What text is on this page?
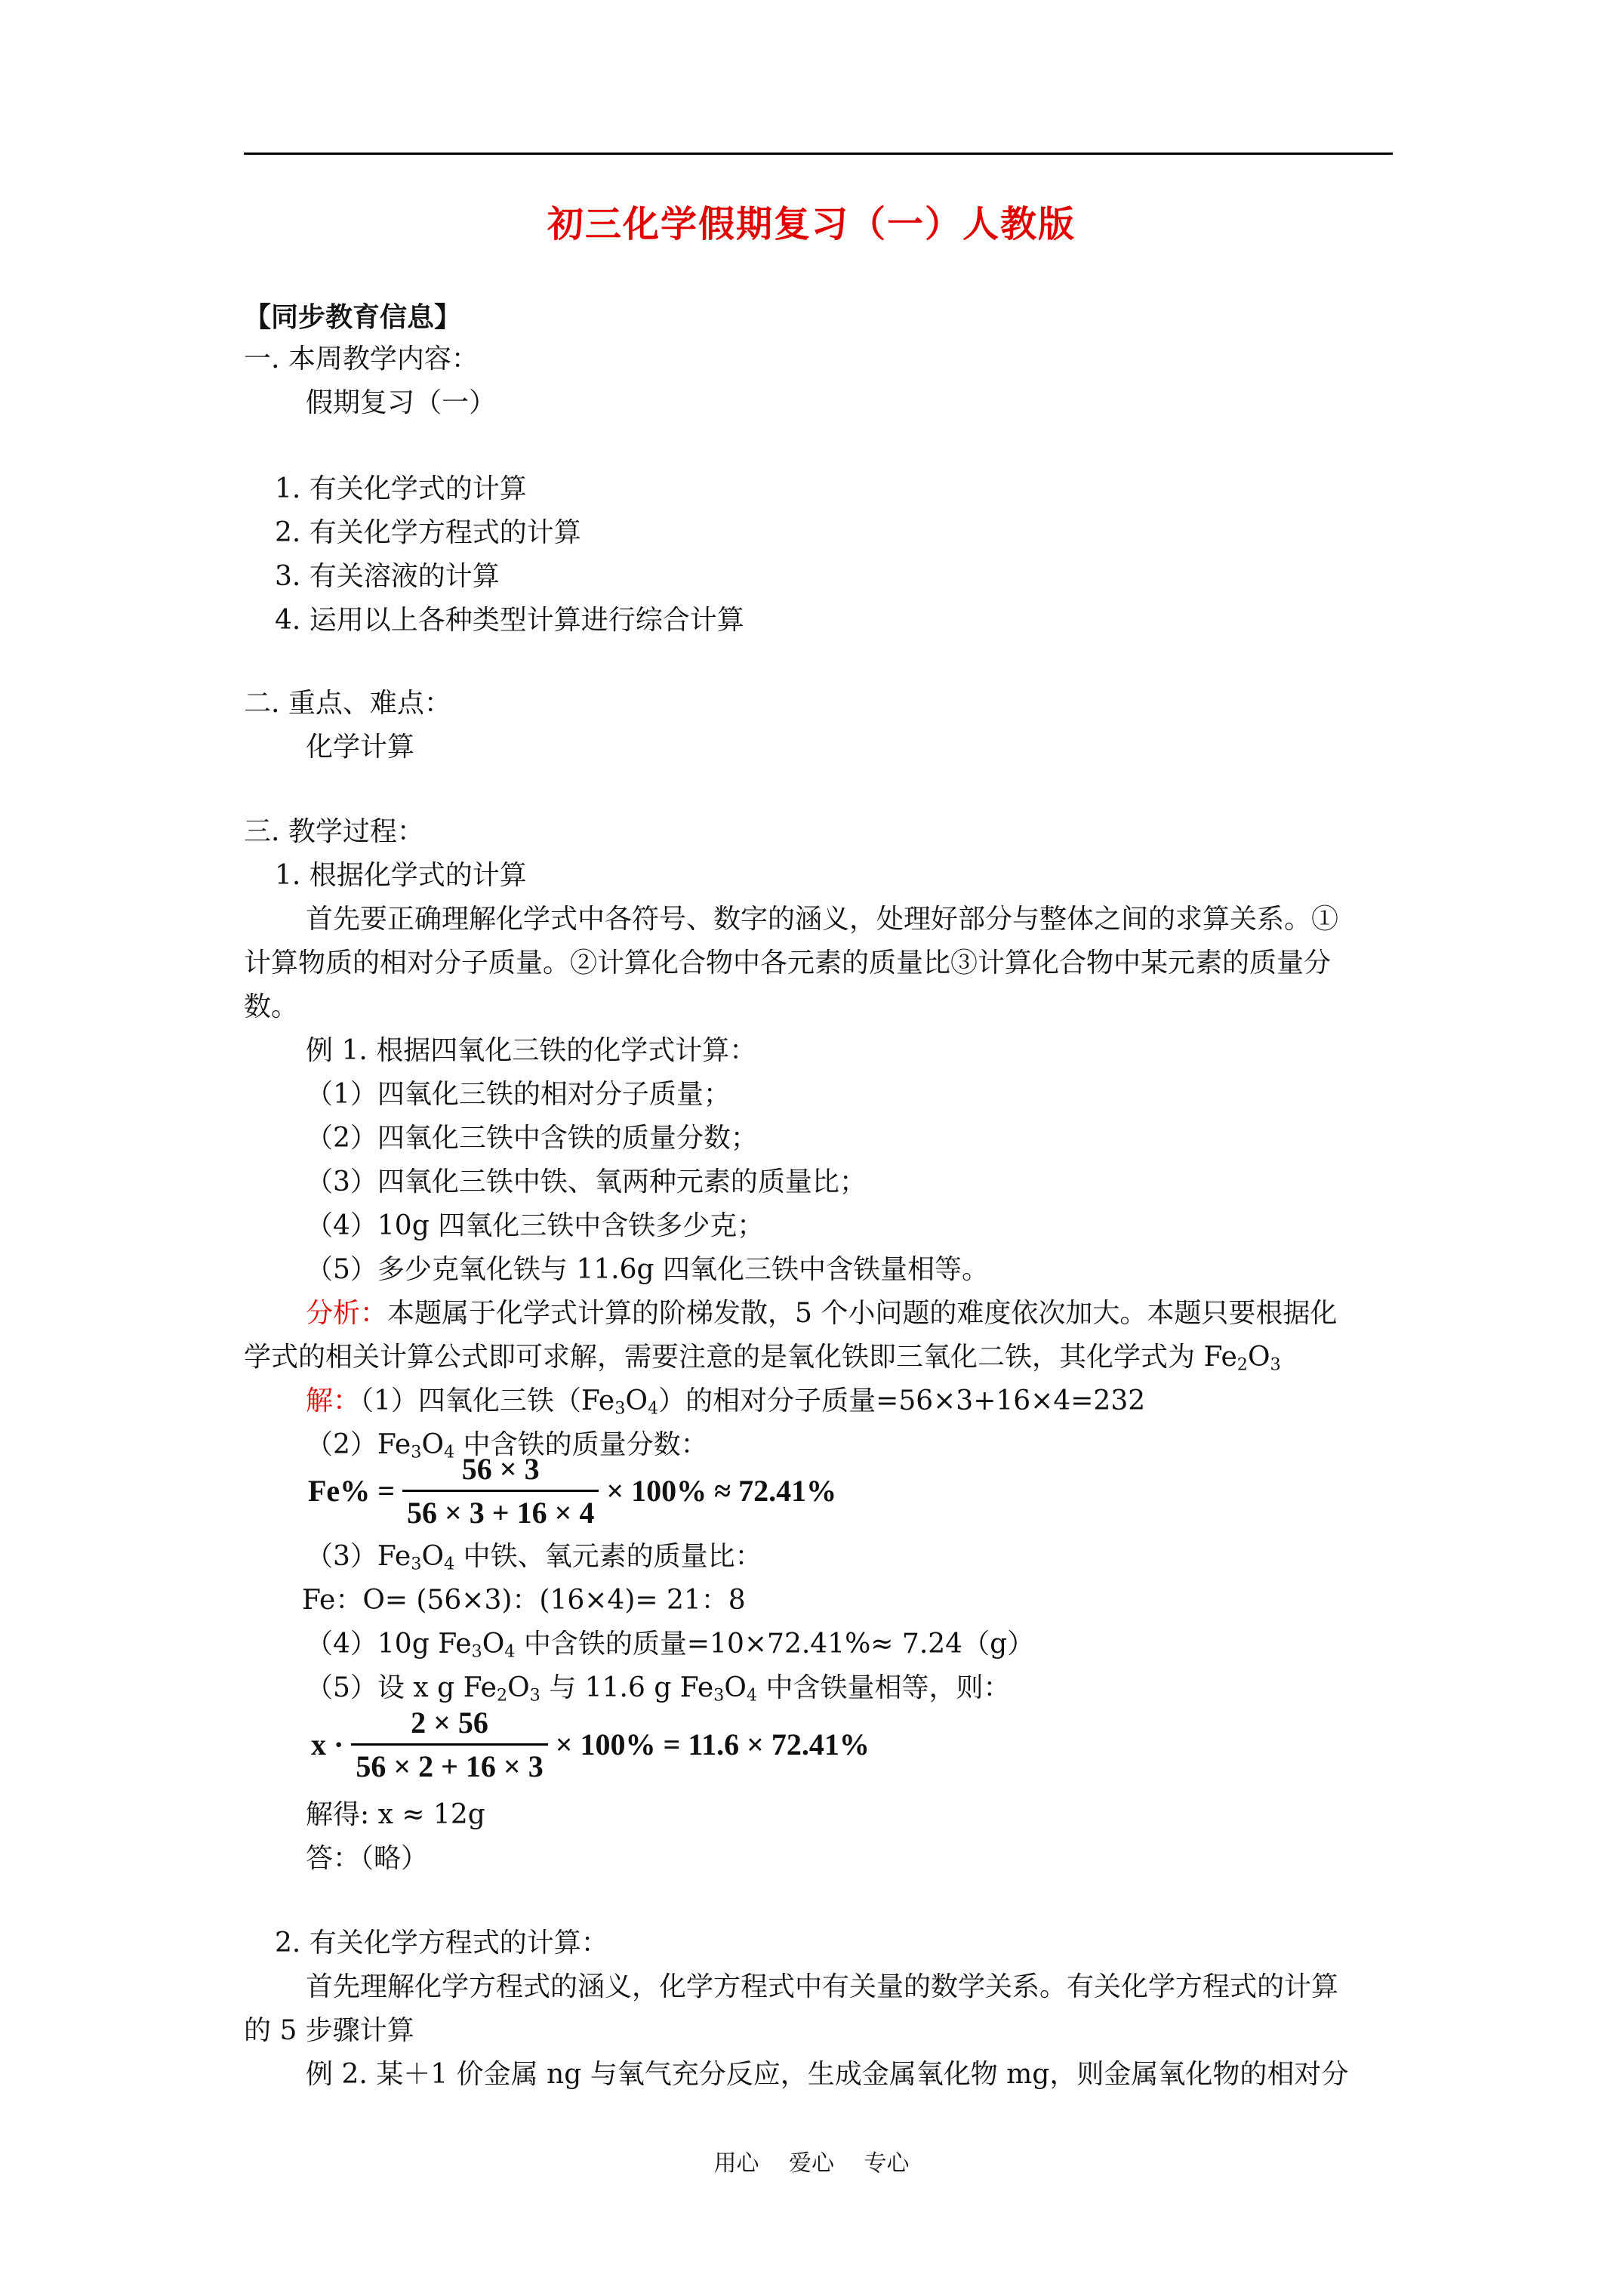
初三化学假期复习（一）人教版
【同步教育信息】
一. 本周教学内容：
假期复习（一）
1. 有关化学式的计算
2. 有关化学方程式的计算
3. 有关溶液的计算
4. 运用以上各种类型计算进行综合计算
二. 重点、难点：
化学计算
三. 教学过程：
1. 根据化学式的计算
首先要正确理解化学式中各符号、数字的涵义，处理好部分与整体之间的求算关系。①
计算物质的相对分子质量。②计算化合物中各元素的质量比③计算化合物中某元素的质量分
数。
例 1. 根据四氧化三铁的化学式计算：
（1）四氧化三铁的相对分子质量；
（2）四氧化三铁中含铁的质量分数；
（3）四氧化三铁中铁、氧两种元素的质量比；
（4）10g 四氧化三铁中含铁多少克；
（5）多少克氧化铁与 11.6g 四氧化三铁中含铁量相等。
分析：本题属于化学式计算的阶梯发散，5 个小问题的难度依次加大。本题只要根据化
学式的相关计算公式即可求解，需要注意的是氧化铁即三氧化二铁，其化学式为 $Fe_2O_3$
解：（1）四氧化三铁$(Fe_3O_4)$的相对分子质量=56×3+16×4=232
$(2)Fe_3O_4$ 中含铁的质量分数：
$Fe\% = \frac{56 \times 3}{56 \times 3 + 16 \times 4} \times 100\% \approx 72.41\%$
$(3)Fe_3O_4$ 中铁、氧元素的质量比：
Fe：O= (56×3)：(16×4)= 21：8
（4）10g $Fe_3O_4$ 中含铁的质量=10×72.41%≈ 7.24（g）
（5）设 x g $Fe_2O_3$ 与 11.6 g $Fe_3O_4$ 中含铁量相等，则：
$x \cdot \frac{2 \times 56}{56 \times 2 + 16 \times 3} \times 100\% = 11.6 \times 72.41\%$
解得: x ≈ 12g
答：（略）
2. 有关化学方程式的计算：
首先理解化学方程式的涵义，化学方程式中有关量的数学关系。有关化学方程式的计算
的 5 步骤计算
例 2. 某＋1 价金属 ng 与氧气充分反应，生成金属氧化物 mg，则金属氧化物的相对分
用心 爱心 专心
